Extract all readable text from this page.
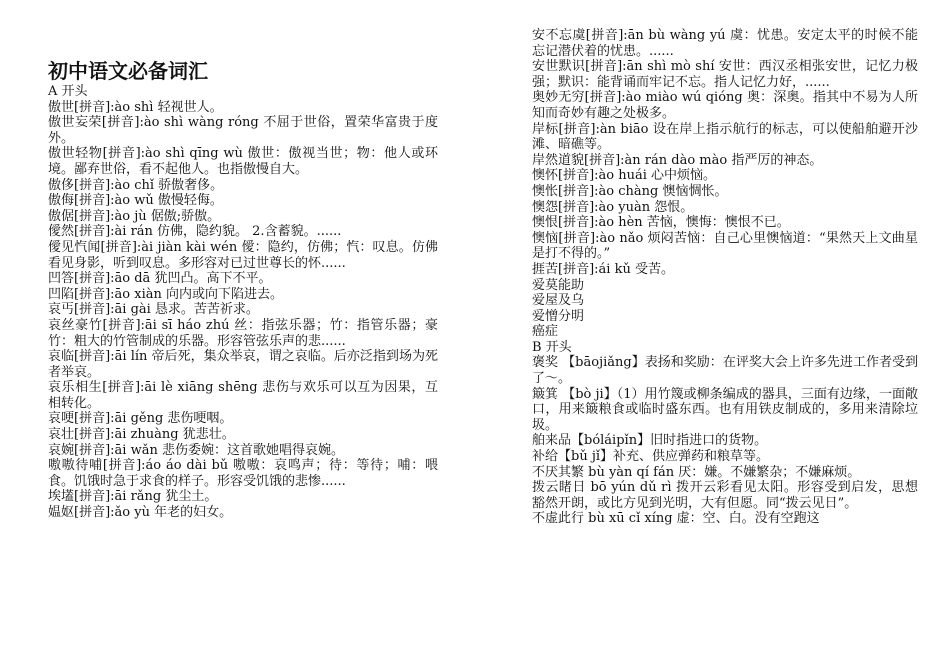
初中语文必备词汇
A 开头
傲世[拼音]:ào shì 轻视世人。
傲世妄荣[拼音]:ào shì wàng róng 不屈于世俗，置荣华富贵于度外。
傲世轻物[拼音]:ào shì qīng wù 傲世：傲视当世；物：他人或环境。鄙弃世俗，看不起他人。也指傲慢自大。
傲侈[拼音]:ào chǐ 骄傲奢侈。
傲侮[拼音]:ào wǔ 傲慢轻侮。
傲倨[拼音]:ào jù 倨傲;骄傲。
僾然[拼音]:ài rán 仿佛，隐约貌。 2.含蓄貌。......
僾见忾闻[拼音]:ài jiàn kài wén 僾：隐约，仿佛；忾：叹息。仿佛看见身影，听到叹息。多形容对已过世尊长的怀......
凹答[拼音]:āo dā 犹凹凸。高下不平。
凹陷[拼音]:āo xiàn 向内或向下陷进去。
哀丐[拼音]:āi gài 恳求。苦苦祈求。
哀丝豪竹[拼音]:āi sī háo zhú 丝：指弦乐器；竹：指管乐器；豪竹：粗大的竹管制成的乐器。形容管弦乐声的悲......
哀临[拼音]:āi lín 帝后死，集众举哀，谓之哀临。后亦泛指到场为死者举哀。
哀乐相生[拼音]:āi lè xiāng shēng 悲伤与欢乐可以互为因果，互相转化。
哀哽[拼音]:āi gěng 悲伤哽咽。
哀壮[拼音]:āi zhuàng 犹悲壮。
哀婉[拼音]:āi wǎn 悲伤委婉：这首歌她唱得哀婉。
嗷嗷待哺[拼音]:áo áo dài bǔ 嗷嗷：哀鸣声；待：等待；哺：喂食。饥饿时急于求食的样子。形容受饥饿的悲惨......
埃壒[拼音]:āi rǎng 犹尘土。
媪妪[拼音]:ǎo yù 年老的妇女。
安不忘虞[拼音]:ān bù wàng yú 虞：忧患。安定太平的时候不能忘记潜伏着的忧患。......
安世默识[拼音]:ān shì mò shí 安世：西汉丞相张安世，记忆力极强；默识：能背诵而牢记不忘。指人记忆力好，......
奥妙无穷[拼音]:ào miào wú qióng 奥：深奥。指其中不易为人所知而奇妙有趣之处极多。
岸标[拼音]:àn biāo 设在岸上指示航行的标志，可以使船舶避开沙滩、暗礁等。
岸然道貌[拼音]:àn rán dào mào 指严厉的神态。
懊怀[拼音]:ào huái 心中烦恼。
懊怅[拼音]:ào chàng 懊恼惆怅。
懊怨[拼音]:ào yuàn 怨恨。
懊恨[拼音]:ào hèn 苦恼，懊悔：懊恨不已。
懊恼[拼音]:ào nǎo 烦闷苦恼：自己心里懊恼道：“果然天上文曲星是打不得的。”
捱苦[拼音]:ái kǔ 受苦。
爱莫能助
爱屋及乌
爱憎分明
癌症
B 开头
褒奖 【bāojiǎng】表扬和奖励：在评奖大会上许多先进工作者受到了～。
簸箕 【bò ji】（1）用竹篾或柳条编成的器具，三面有边缘，一面敞口，用来簸粮食或临时盛东西。也有用铁皮制成的，多用来清除垃圾。
舶来品【bóláipǐn】旧时指进口的货物。
补给【bǔ jǐ】补充、供应弹药和粮草等。
不厌其繁 bù yàn qí fán 厌：嫌。不嫌繁杂；不嫌麻烦。
拨云睹日 bō yún dǔ rì 拨开云彩看见太阳。形容受到启发，思想豁然开朗，或比方见到光明，大有但愿。同“拨云见日”。
不虚此行 bù xū cǐ xíng 虚：空、白。没有空跑这
